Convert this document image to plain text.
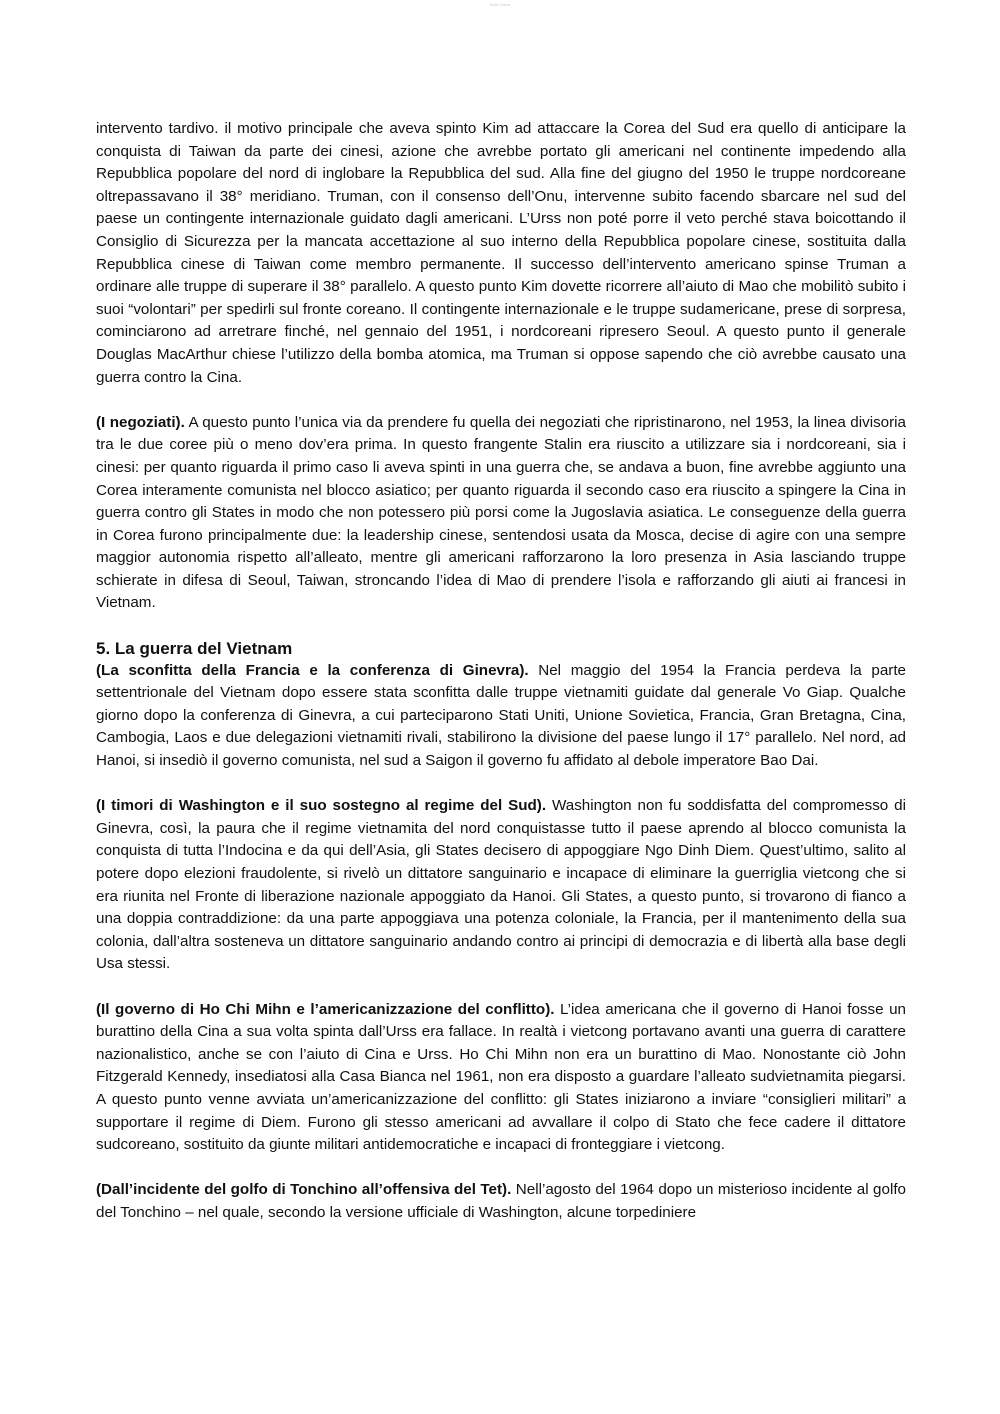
Note Libere

intervento tardivo. il motivo principale che aveva spinto Kim ad attaccare la Corea del Sud era quello di anticipare la conquista di Taiwan da parte dei cinesi, azione che avrebbe portato gli americani nel continente impedendo alla Repubblica popolare del nord di inglobare la Repubblica del sud. Alla fine del giugno del 1950 le truppe nordcoreane oltrepassavano il 38° meridiano. Truman, con il consenso dell’Onu, intervenne subito facendo sbarcare nel sud del paese un contingente internazionale guidato dagli americani. L’Urss non poté porre il veto perché stava boicottando il Consiglio di Sicurezza per la mancata accettazione al suo interno della Repubblica popolare cinese, sostituita dalla Repubblica cinese di Taiwan come membro permanente. Il successo dell’intervento americano spinse Truman a ordinare alle truppe di superare il 38° parallelo. A questo punto Kim dovette ricorrere all’aiuto di Mao che mobilitò subito i suoi “volontari” per spedirli sul fronte coreano. Il contingente internazionale e le truppe sudamericane, prese di sorpresa, cominciarono ad arretrare finché, nel gennaio del 1951, i nordcoreani ripresero Seoul. A questo punto il generale Douglas MacArthur chiese l’utilizzo della bomba atomica, ma Truman si oppose sapendo che ciò avrebbe causato una guerra contro la Cina.

(I negoziati). A questo punto l’unica via da prendere fu quella dei negoziati che ripristinarono, nel 1953, la linea divisoria tra le due coree più o meno dov’era prima. In questo frangente Stalin era riuscito a utilizzare sia i nordcoreani, sia i cinesi: per quanto riguarda il primo caso li aveva spinti in una guerra che, se andava a buon, fine avrebbe aggiunto una Corea interamente comunista nel blocco asiatico; per quanto riguarda il secondo caso era riuscito a spingere la Cina in guerra contro gli States in modo che non potessero più porsi come la Jugoslavia asiatica. Le conseguenze della guerra in Corea furono principalmente due: la leadership cinese, sentendosi usata da Mosca, decise di agire con una sempre maggior autonomia rispetto all’alleato, mentre gli americani rafforzarono la loro presenza in Asia lasciando truppe schierate in difesa di Seoul, Taiwan, stroncando l’idea di Mao di prendere l’isola e rafforzando gli aiuti ai francesi in Vietnam.

5. La guerra del Vietnam

(La sconfitta della Francia e la conferenza di Ginevra). Nel maggio del 1954 la Francia perdeva la parte settentrionale del Vietnam dopo essere stata sconfitta dalle truppe vietnamiti guidate dal generale Vo Giap. Qualche giorno dopo la conferenza di Ginevra, a cui parteciparono Stati Uniti, Unione Sovietica, Francia, Gran Bretagna, Cina, Cambogia, Laos e due delegazioni vietnamiti rivali, stabilirono la divisione del paese lungo il 17° parallelo. Nel nord, ad Hanoi, si insediò il governo comunista, nel sud a Saigon il governo fu affidato al debole imperatore Bao Dai.

(I timori di Washington e il suo sostegno al regime del Sud). Washington non fu soddisfatta del compromesso di Ginevra, così, la paura che il regime vietnamita del nord conquistasse tutto il paese aprendo al blocco comunista la conquista di tutta l’Indocina e da qui dell’Asia, gli States decisero di appoggiare Ngo Dinh Diem. Quest’ultimo, salito al potere dopo elezioni fraudolente, si rivelò un dittatore sanguinario e incapace di eliminare la guerriglia vietcong che si era riunita nel Fronte di liberazione nazionale appoggiato da Hanoi. Gli States, a questo punto, si trovarono di fianco a una doppia contraddizione: da una parte appoggiava una potenza coloniale, la Francia, per il mantenimento della sua colonia, dall’altra sosteneva un dittatore sanguinario andando contro ai principi di democrazia e di libertà alla base degli Usa stessi.

(Il governo di Ho Chi Mihn e l’americanizzazione del conflitto). L’idea americana che il governo di Hanoi fosse un burattino della Cina a sua volta spinta dall’Urss era fallace. In realtà i vietcong portavano avanti una guerra di carattere nazionalistico, anche se con l’aiuto di Cina e Urss. Ho Chi Mihn non era un burattino di Mao. Nonostante ciò John Fitzgerald Kennedy, insediatosi alla Casa Bianca nel 1961, non era disposto a guardare l’alleato sudvietnamita piegarsi. A questo punto venne avviata un’americanizzazione del conflitto: gli States iniziarono a inviare “consiglieri militari” a supportare il regime di Diem. Furono gli stesso americani ad avvallare il colpo di Stato che fece cadere il dittatore sudcoreano, sostituito da giunte militari antidemocratiche e incapaci di fronteggiare i vietcong.

(Dall’incidente del golfo di Tonchino all’offensiva del Tet). Nell’agosto del 1964 dopo un misterioso incidente al golfo del Tonchino – nel quale, secondo la versione ufficiale di Washington, alcune torpediniere
